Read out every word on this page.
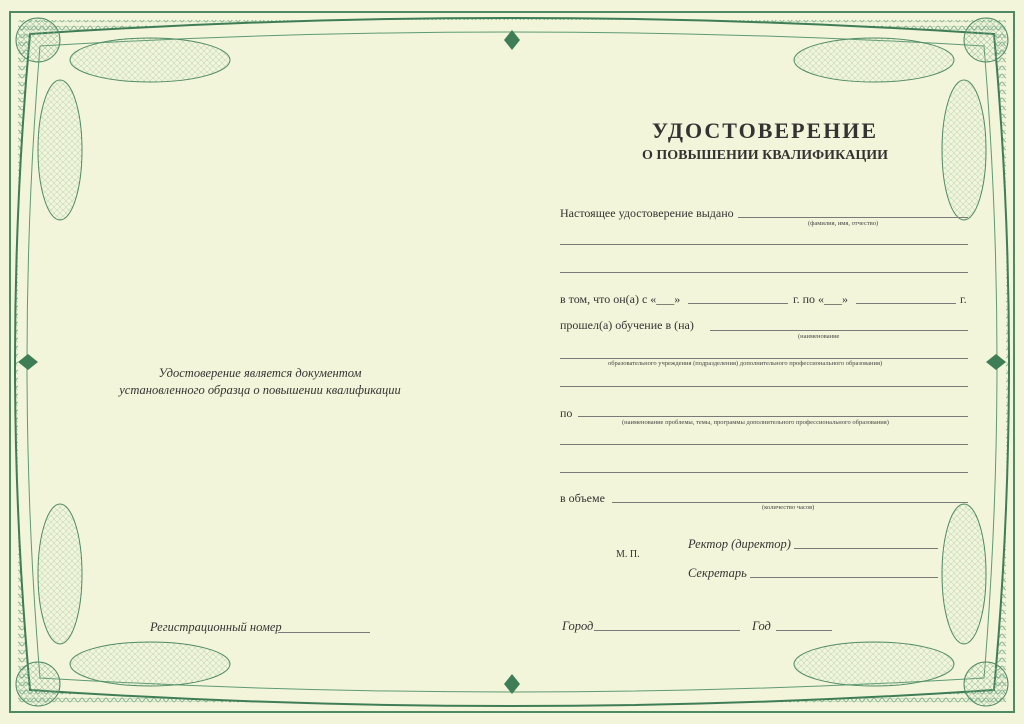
УДОСТОВЕРЕНИЕ
О ПОВЫШЕНИИ КВАЛИФИКАЦИИ
Удостоверение является документом
установленного образца о повышении квалификации
Регистрационный номер
Настоящее удостоверение выдано
(фамилия, имя, отчество)
в том, что он(а) с «___»	г. по «___»	г.
прошел(а) обучение в (на)
(наименование
образовательного учреждения (подразделения) дополнительного профессионального образования)
по
(наименование проблемы, темы, программы дополнительного профессионального образования)
в объеме
(количество часов)
М. П.
Ректор (директор)
Секретарь
Город	Год
